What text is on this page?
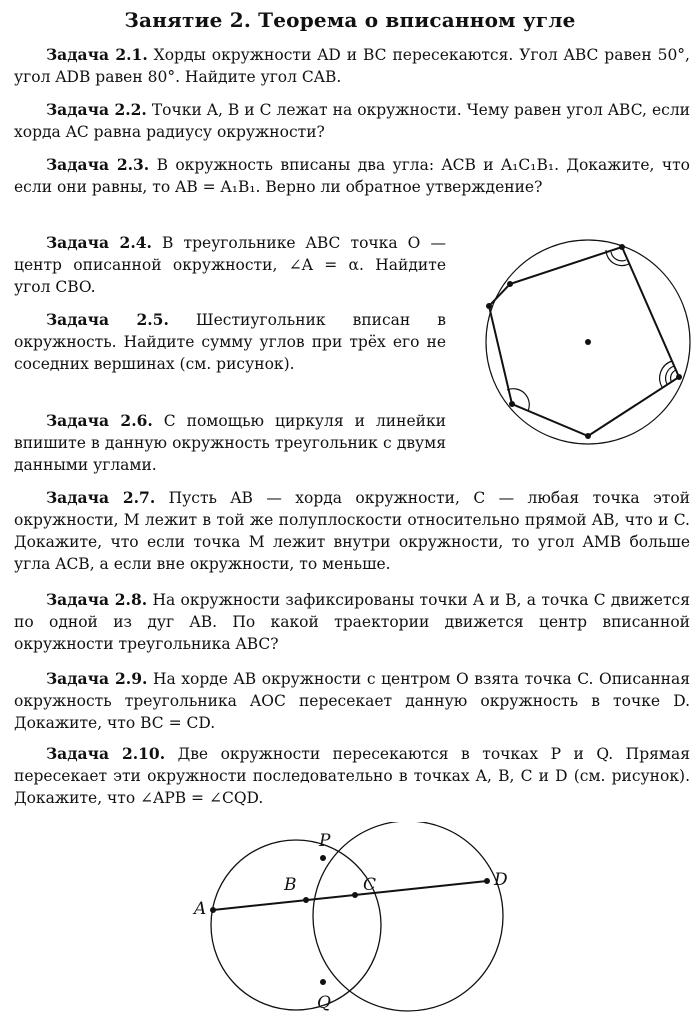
Занятие 2. Теорема о вписанном угле
Задача 2.1. Хорды окружности AD и BC пересекаются. Угол ABC равен 50°, угол ADB равен 80°. Найдите угол CAB.
Задача 2.2. Точки A, B и C лежат на окружности. Чему равен угол ABC, если хорда AC равна радиусу окружности?
Задача 2.3. В окружность вписаны два угла: ACB и A₁C₁B₁. Докажите, что если они равны, то AB = A₁B₁. Верно ли обратное утверждение?
Задача 2.4. В треугольнике ABC точка O — центр описанной окружности, ∠A = α. Найдите угол CBO.
Задача 2.5. Шестиугольник вписан в окружность. Найдите сумму углов при трёх его не соседних вершинах (см. рисунок).
Задача 2.6. С помощью циркуля и линейки впишите в данную окружность треугольник с двумя данными углами.
Задача 2.7. Пусть AB — хорда окружности, C — любая точка этой окружности, M лежит в той же полуплоскости относительно прямой AB, что и C. Докажите, что если точка M лежит внутри окружности, то угол AMB больше угла ACB, а если вне окружности, то меньше.
Задача 2.8. На окружности зафиксированы точки A и B, а точка C движется по одной из дуг AB. По какой траектории движется центр вписанной окружности треугольника ABC?
Задача 2.9. На хорде AB окружности с центром O взята точка C. Описанная окружность треугольника AOC пересекает данную окружность в точке D. Докажите, что BC = CD.
Задача 2.10. Две окружности пересекаются в точках P и Q. Прямая пересекает эти окружности последовательно в точках A, B, C и D (см. рисунок). Докажите, что ∠APB = ∠CQD.
P
Q
A
B	C	D
